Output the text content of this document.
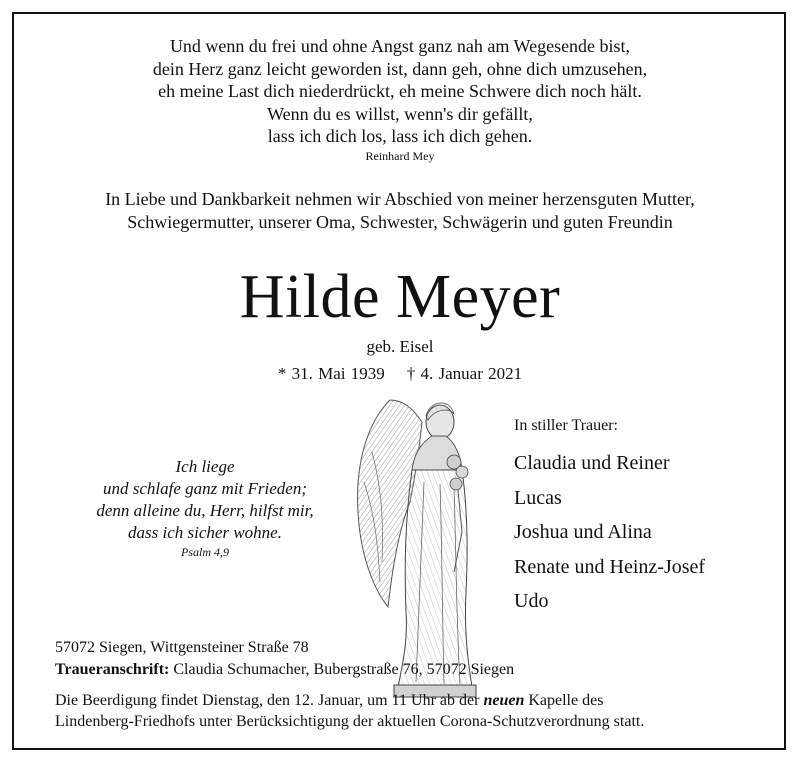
Und wenn du frei und ohne Angst ganz nah am Wegesende bist,
dein Herz ganz leicht geworden ist, dann geh, ohne dich umzusehen,
eh meine Last dich niederdrückt, eh meine Schwere dich noch hält.
Wenn du es willst, wenn's dir gefällt,
lass ich dich los, lass ich dich gehen.
Reinhard Mey
In Liebe und Dankbarkeit nehmen wir Abschied von meiner herzensguten Mutter,
Schwiegermutter, unserer Oma, Schwester, Schwägerin und guten Freundin
Hilde Meyer
geb. Eisel
* 31. Mai 1939 † 4. Januar 2021
Ich liege
und schlafe ganz mit Frieden;
denn alleine du, Herr, hilfst mir,
dass ich sicher wohne.
Psalm 4,9
In stiller Trauer:
Claudia und Reiner
Lucas
Joshua und Alina
Renate und Heinz-Josef
Udo
57072 Siegen, Wittgensteiner Straße 78
Traueranschrift: Claudia Schumacher, Bubergstraße 76, 57072 Siegen
Die Beerdigung findet Dienstag, den 12. Januar, um 11 Uhr ab der neuen Kapelle des
Lindenberg-Friedhofs unter Berücksichtigung der aktuellen Corona-Schutzverordnung statt.
